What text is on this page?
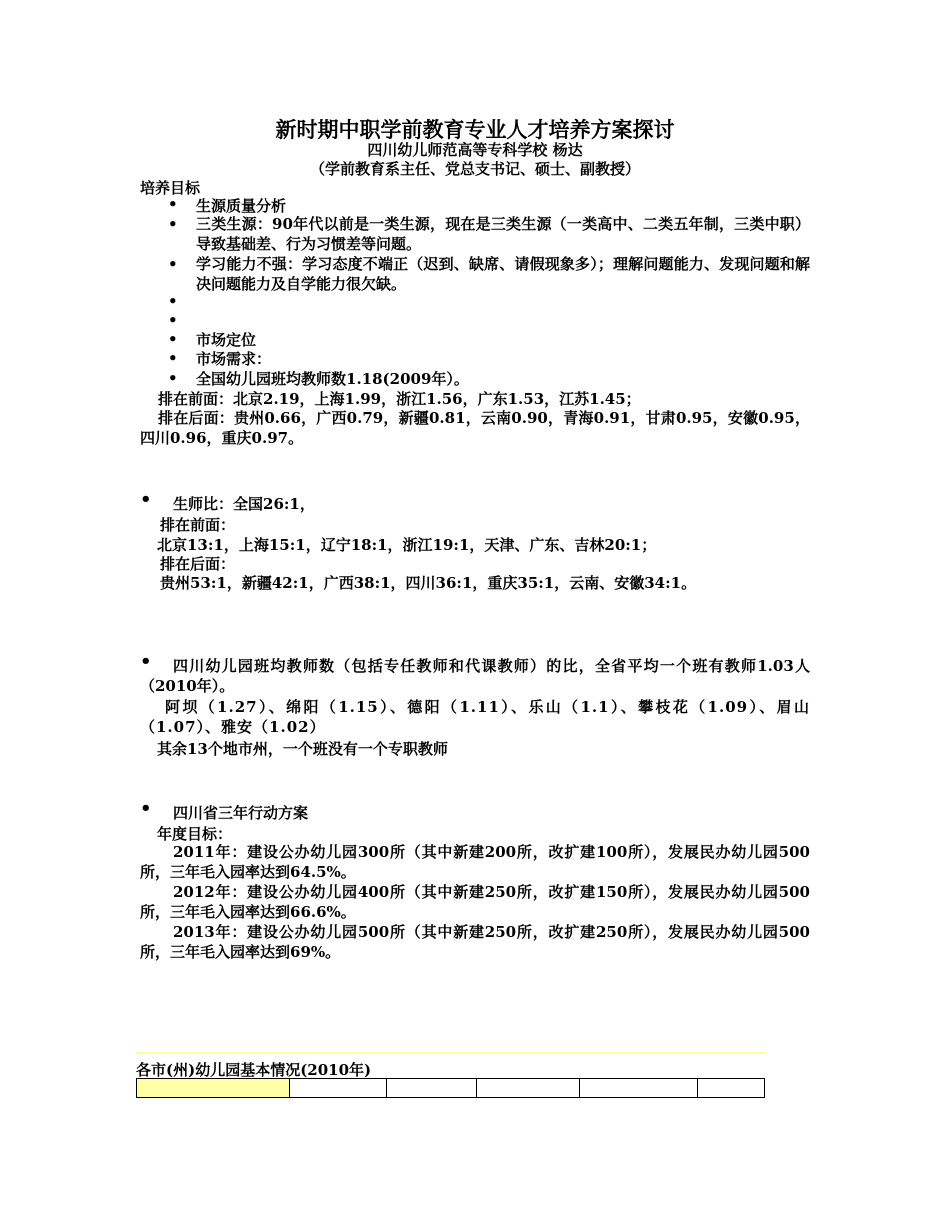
新时期中职学前教育专业人才培养方案探讨
四川幼儿师范高等专科学校 杨达
（学前教育系主任、党总支书记、硕士、副教授）
培养目标
• 生源质量分析
• 三类生源：90年代以前是一类生源，现在是三类生源（一类高中、二类五年制，三类中职）导致基础差、行为习惯差等问题。
• 学习能力不强：学习态度不端正（迟到、缺席、请假现象多）；理解问题能力、发现问题和解决问题能力及自学能力很欠缺。
•
•
• 市场定位
• 市场需求：
• 全国幼儿园班均教师数1.18(2009年）。
排在前面：北京2.19，上海1.99，浙江1.56，广东1.53，江苏1.45；
排在后面：贵州0.66，广西0.79，新疆0.81，云南0.90，青海0.91，甘肃0.95，安徽0.95，四川0.96，重庆0.97。
• 生师比：全国26:1，
排在前面：
北京13:1，上海15:1，辽宁18:1，浙江19:1，天津、广东、吉林20:1；
排在后面：
贵州53:1，新疆42:1，广西38:1，四川36:1，重庆35:1，云南、安徽34:1。
•	四川幼儿园班均教师数（包括专任教师和代课教师）的比，全省平均一个班有教师1.03人（2010年）。
阿坝（1.27）、绵阳（1.15）、德阳（1.11）、乐山（1.1）、攀枝花（1.09）、眉山（1.07）、雅安（1.02）
其余13个地市州，一个班没有一个专职教师
• 四川省三年行动方案
年度目标：
2011年：建设公办幼儿园300所（其中新建200所，改扩建100所），发展民办幼儿园500所，三年毛入园率达到64.5%。
2012年：建设公办幼儿园400所（其中新建250所，改扩建150所），发展民办幼儿园500所，三年毛入园率达到66.6%。
2013年：建设公办幼儿园500所（其中新建250所，改扩建250所），发展民办幼儿园500所，三年毛入园率达到69%。
各市(州)幼儿园基本情况(2010年)
